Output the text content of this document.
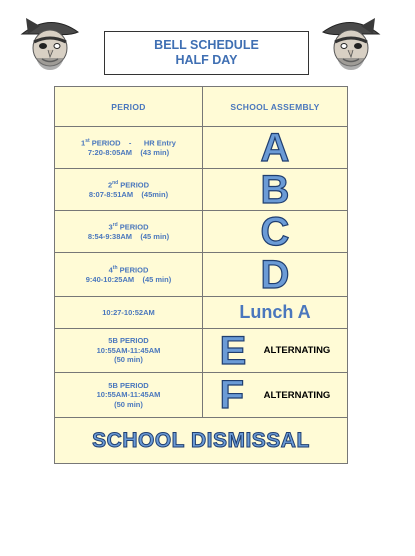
BELL SCHEDULE
HALF DAY
PERIOD	SCHOOL ASSEMBLY
1st PERIOD    -      HR Entry
7:20-8:05AM    (43 min)	A
2nd PERIOD
8:07-8:51AM    (45min)	B
3rd PERIOD
8:54-9:38AM    (45 min)	C
4th PERIOD
9:40-10:25AM    (45 min)	D
10:27-10:52AM	Lunch A
5B PERIOD
10:55AM-11:45AM
(50 min)	E ALTERNATING

5B PERIOD
10:55AM-11:45AM
(50 min)	F ALTERNATING

SCHOOL DISMISSAL	
